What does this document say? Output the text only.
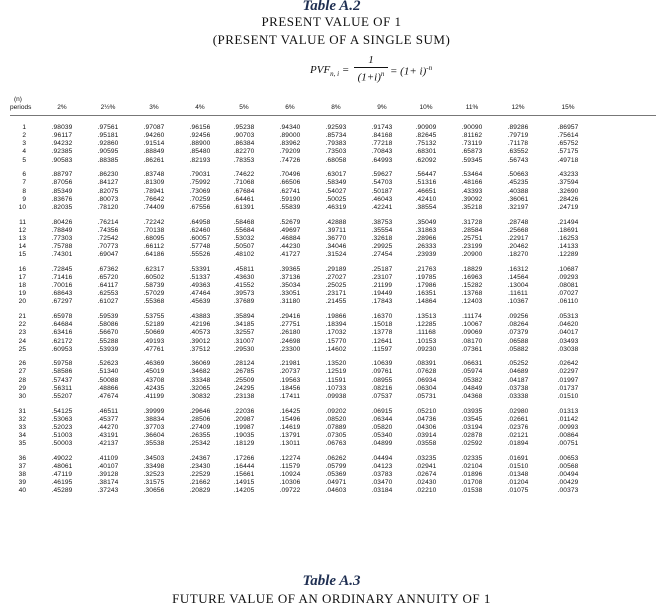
Table A.2
PRESENT VALUE OF 1
(PRESENT VALUE OF A SINGLE SUM)
$PVF_{n, i} = \frac{1}{(1+i)^n} = (1+ i)^{-n}$
(n)
periods	2%	2½%	3%	4%	5%	6%	8%	9%	10%	11%	12%	15%
1	.98039	.97561	.97087	.96156	.95238	.94340	.92593	.91743	.90909	.90090	.89286	.86957
2	.96117	.95181	.94260	.92456	.90703	.89000	.85734	.84168	.82645	.81162	.79719	.75614
3	.94232	.92860	.91514	.88900	.86384	.83962	.79383	.77218	.75132	.73119	.71178	.65752
4	.92385	.90595	.88849	.85480	.82270	.79209	.73503	.70843	.68301	.65873	.63552	.57175
5	.90583	.88385	.86261	.82193	.78353	.74726	.68058	.64993	.62092	.59345	.56743	.49718
6	.88797	.86230	.83748	.79031	.74622	.70496	.63017	.59627	.56447	.53464	.50663	.43233
7	.87056	.84127	.81309	.75992	.71068	.66506	.58349	.54703	.51316	.48166	.45235	.37594
8	.85349	.82075	.78941	.73069	.67684	.62741	.54027	.50187	.46651	.43393	.40388	.32690
9	.83676	.80073	.76642	.70259	.64461	.59190	.50025	.46043	.42410	.39092	.36061	.28426
10	.82035	.78120	.74409	.67556	.61391	.55839	.46319	.42241	.38554	.35218	.32197	.24719
11	.80426	.76214	.72242	.64958	.58468	.52679	.42888	.38753	.35049	.31728	.28748	.21494
12	.78849	.74356	.70138	.62460	.55684	.49697	.39711	.35554	.31863	.28584	.25668	.18691
13	.77303	.72542	.68095	.60057	.53032	.46884	.36770	.32618	.28966	.25751	.22917	.16253
14	.75788	.70773	.66112	.57748	.50507	.44230	.34046	.29925	.26333	.23199	.20462	.14133
15	.74301	.69047	.64186	.55526	.48102	.41727	.31524	.27454	.23939	.20900	.18270	.12289
16	.72845	.67362	.62317	.53391	.45811	.39365	.29189	.25187	.21763	.18829	.16312	.10687
17	.71416	.65720	.60502	.51337	.43630	.37136	.27027	.23107	.19785	.16963	.14564	.09293
18	.70016	.64117	.58739	.49363	.41552	.35034	.25025	.21199	.17986	.15282	.13004	.08081
19	.68643	.62553	.57029	.47464	.39573	.33051	.23171	.19449	.16351	.13768	.11611	.07027
20	.67297	.61027	.55368	.45639	.37689	.31180	.21455	.17843	.14864	.12403	.10367	.06110
21	.65978	.59539	.53755	.43883	.35894	.29416	.19866	.16370	.13513	.11174	.09256	.05313
22	.64684	.58086	.52189	.42196	.34185	.27751	.18394	.15018	.12285	.10067	.08264	.04620
23	.63416	.56670	.50669	.40573	.32557	.26180	.17032	.13778	.11168	.09069	.07379	.04017
24	.62172	.55288	.49193	.39012	.31007	.24698	.15770	.12641	.10153	.08170	.06588	.03493
25	.60953	.53939	.47761	.37512	.29530	.23300	.14602	.11597	.09230	.07361	.05882	.03038
26	.59758	.52623	.46369	.36069	.28124	.21981	.13520	.10639	.08391	.06631	.05252	.02642
27	.58586	.51340	.45019	.34682	.26785	.20737	.12519	.09761	.07628	.05974	.04689	.02297
28	.57437	.50088	.43708	.33348	.25509	.19563	.11591	.08955	.06934	.05382	.04187	.01997
29	.56311	.48866	.42435	.32065	.24295	.18456	.10733	.08216	.06304	.04849	.03738	.01737
30	.55207	.47674	.41199	.30832	.23138	.17411	.09938	.07537	.05731	.04368	.03338	.01510
31	.54125	.46511	.39999	.29646	.22036	.16425	.09202	.06915	.05210	.03935	.02980	.01313
32	.53063	.45377	.38834	.28506	.20987	.15496	.08520	.06344	.04736	.03545	.02661	.01142
33	.52023	.44270	.37703	.27409	.19987	.14619	.07889	.05820	.04306	.03194	.02376	.00993
34	.51003	.43191	.36604	.26355	.19035	.13791	.07305	.05340	.03914	.02878	.02121	.00864
35	.50003	.42137	.35538	.25342	.18129	.13011	.06763	.04899	.03558	.02592	.01894	.00751
36	.49022	.41109	.34503	.24367	.17266	.12274	.06262	.04494	.03235	.02335	.01691	.00653
37	.48061	.40107	.33498	.23430	.16444	.11579	.05799	.04123	.02941	.02104	.01510	.00568
38	.47119	.39128	.32523	.22529	.15661	.10924	.05369	.03783	.02674	.01896	.01348	.00494
39	.46195	.38174	.31575	.21662	.14915	.10306	.04971	.03470	.02430	.01708	.01204	.00429
40	.45289	.37243	.30656	.20829	.14205	.09722	.04603	.03184	.02210	.01538	.01075	.00373
Table A.3
FUTURE VALUE OF AN ORDINARY ANNUITY OF 1
